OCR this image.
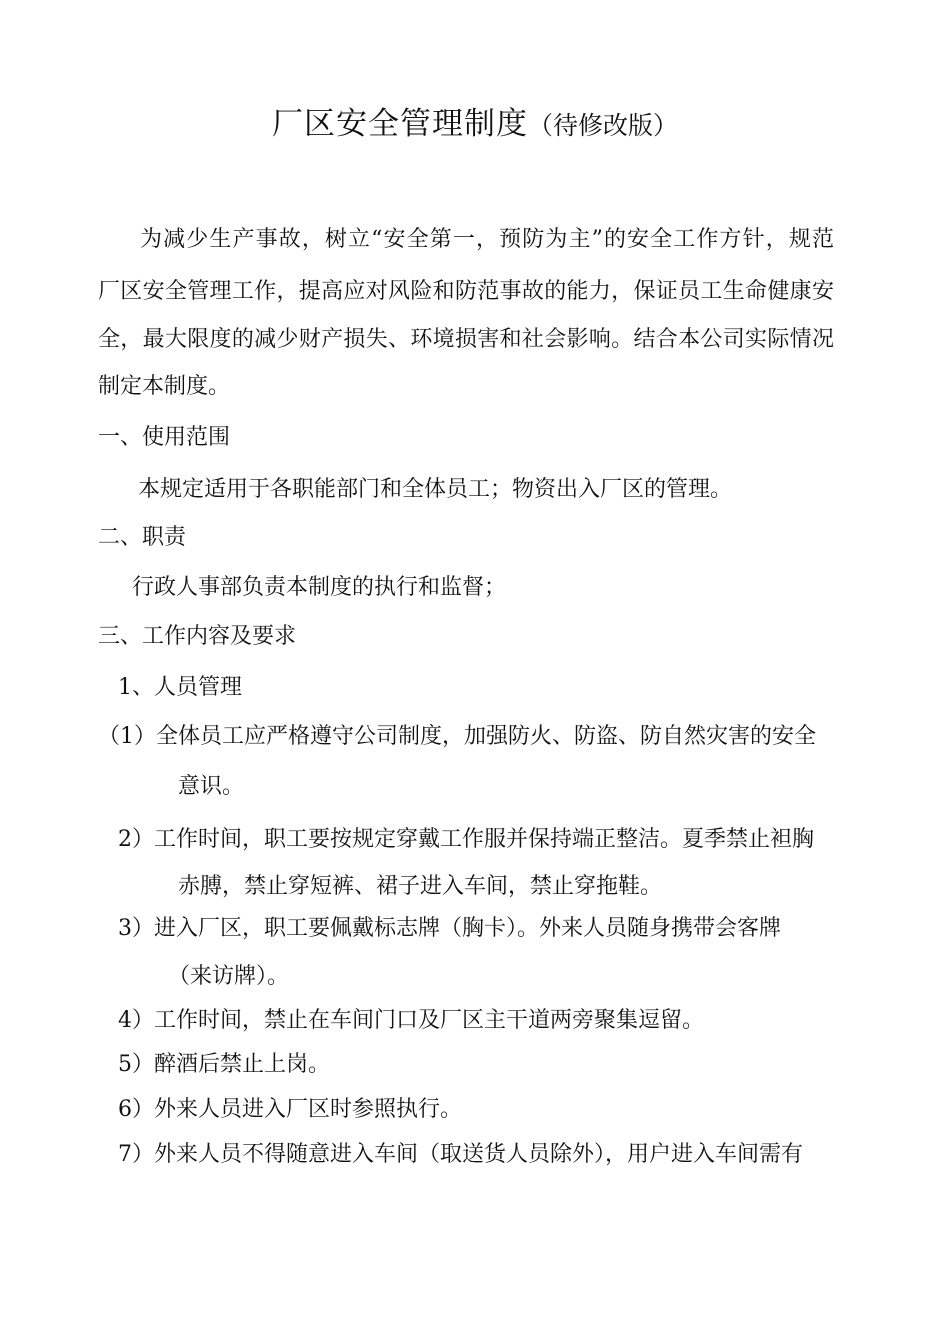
厂区安全管理制度（待修改版）
为减少生产事故，树立“安全第一，预防为主”的安全工作方针，规范
厂区安全管理工作，提高应对风险和防范事故的能力，保证员工生命健康安
全，最大限度的减少财产损失、环境损害和社会影响。结合本公司实际情况
制定本制度。
一、使用范围
本规定适用于各职能部门和全体员工；物资出入厂区的管理。
二、职责
行政人事部负责本制度的执行和监督；
三、工作内容及要求
1、人员管理
（1）全体员工应严格遵守公司制度，加强防火、防盗、防自然灾害的安全
意识。
2）工作时间，职工要按规定穿戴工作服并保持端正整洁。夏季禁止袒胸
赤膊，禁止穿短裤、裙子进入车间，禁止穿拖鞋。
3）进入厂区，职工要佩戴标志牌（胸卡）。外来人员随身携带会客牌
（来访牌）。
4）工作时间，禁止在车间门口及厂区主干道两旁聚集逗留。
5）醉酒后禁止上岗。
6）外来人员进入厂区时参照执行。
7）外来人员不得随意进入车间（取送货人员除外），用户进入车间需有
